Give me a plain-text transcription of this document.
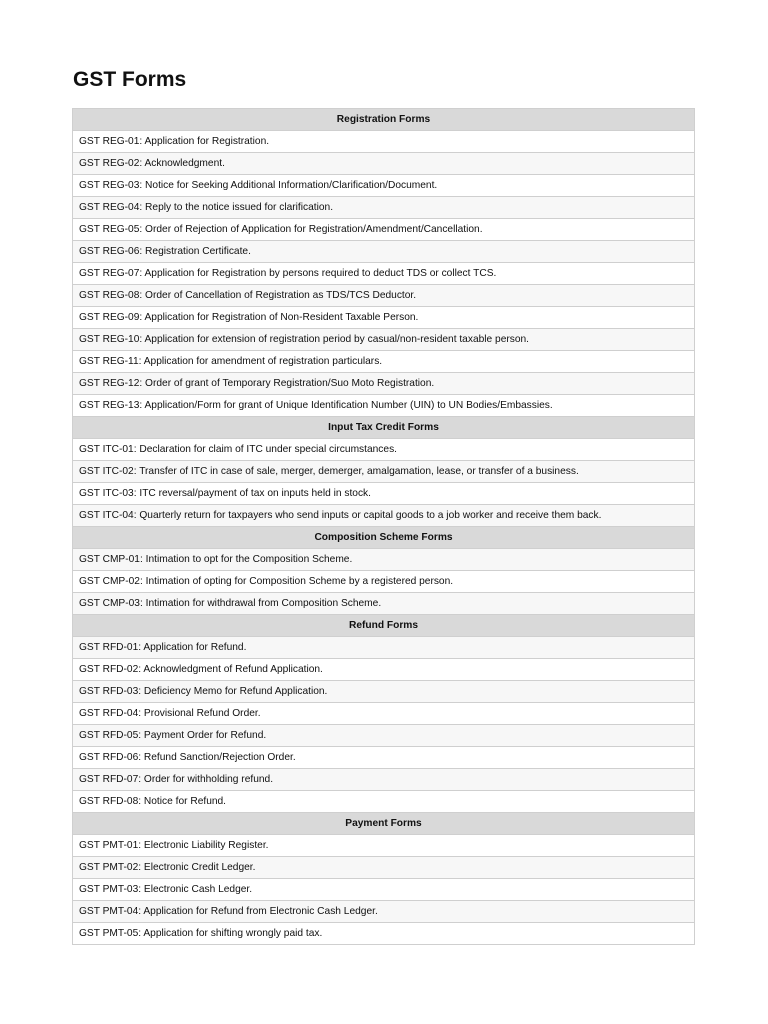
GST Forms
Registration Forms
GST REG-01: Application for Registration.
GST REG-02: Acknowledgment.
GST REG-03: Notice for Seeking Additional Information/Clarification/Document.
GST REG-04: Reply to the notice issued for clarification.
GST REG-05: Order of Rejection of Application for Registration/Amendment/Cancellation.
GST REG-06: Registration Certificate.
GST REG-07: Application for Registration by persons required to deduct TDS or collect TCS.
GST REG-08: Order of Cancellation of Registration as TDS/TCS Deductor.
GST REG-09: Application for Registration of Non-Resident Taxable Person.
GST REG-10: Application for extension of registration period by casual/non-resident taxable person.
GST REG-11: Application for amendment of registration particulars.
GST REG-12: Order of grant of Temporary Registration/Suo Moto Registration.
GST REG-13: Application/Form for grant of Unique Identification Number (UIN) to UN Bodies/Embassies.
Input Tax Credit Forms
GST ITC-01: Declaration for claim of ITC under special circumstances.
GST ITC-02: Transfer of ITC in case of sale, merger, demerger, amalgamation, lease, or transfer of a business.
GST ITC-03: ITC reversal/payment of tax on inputs held in stock.
GST ITC-04: Quarterly return for taxpayers who send inputs or capital goods to a job worker and receive them back.
Composition Scheme Forms
GST CMP-01: Intimation to opt for the Composition Scheme.
GST CMP-02: Intimation of opting for Composition Scheme by a registered person.
GST CMP-03: Intimation for withdrawal from Composition Scheme.
Refund Forms
GST RFD-01: Application for Refund.
GST RFD-02: Acknowledgment of Refund Application.
GST RFD-03: Deficiency Memo for Refund Application.
GST RFD-04: Provisional Refund Order.
GST RFD-05: Payment Order for Refund.
GST RFD-06: Refund Sanction/Rejection Order.
GST RFD-07: Order for withholding refund.
GST RFD-08: Notice for Refund.
Payment Forms
GST PMT-01: Electronic Liability Register.
GST PMT-02: Electronic Credit Ledger.
GST PMT-03: Electronic Cash Ledger.
GST PMT-04: Application for Refund from Electronic Cash Ledger.
GST PMT-05: Application for shifting wrongly paid tax.
